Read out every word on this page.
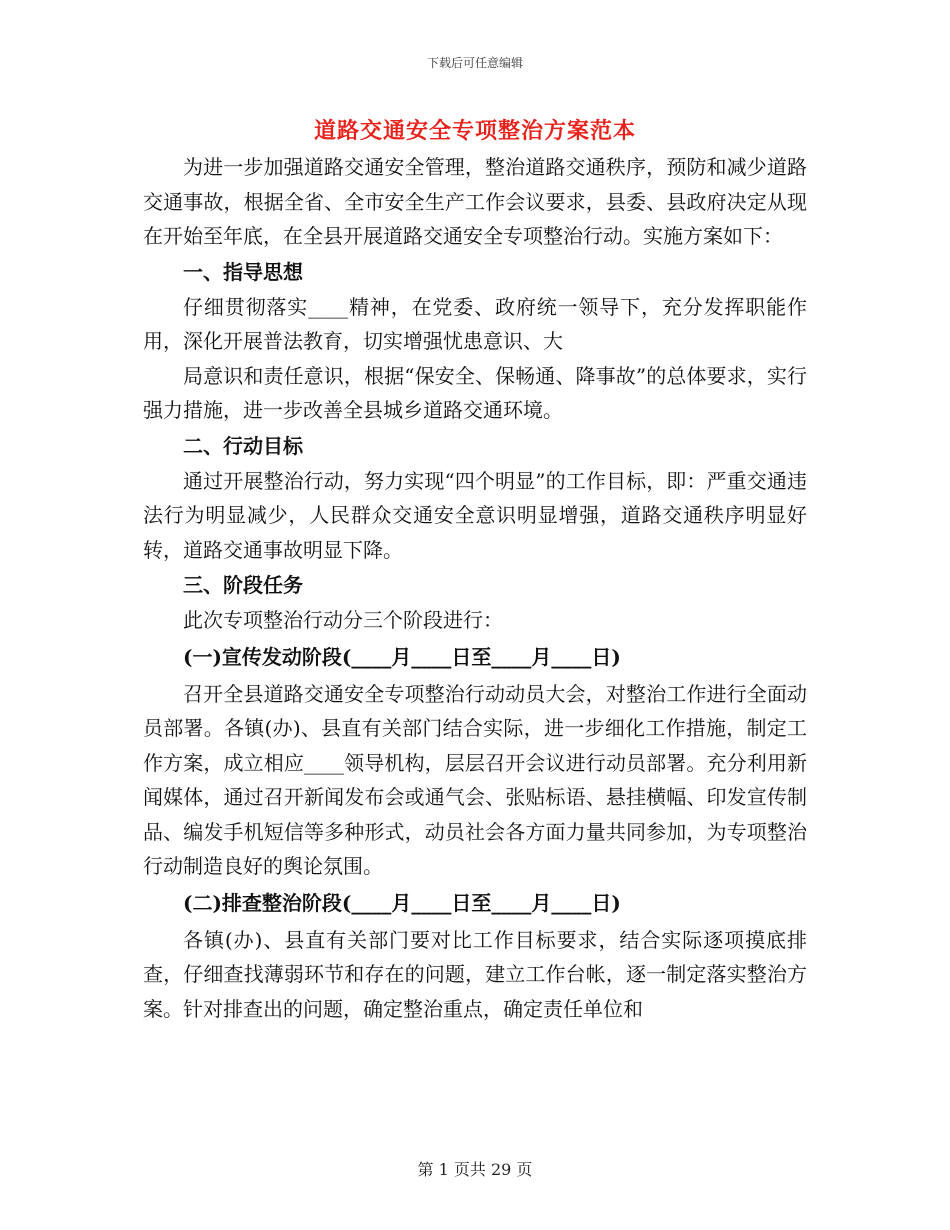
下载后可任意编辑
道路交通安全专项整治方案范本

为进一步加强道路交通安全管理，整治道路交通秩序，预防和减少道路交通事故，根据全省、全市安全生产工作会议要求，县委、县政府决定从现在开始至年底，在全县开展道路交通安全专项整治行动。实施方案如下：

一、指导思想

仔细贯彻落实____精神，在党委、政府统一领导下，充分发挥职能作用，深化开展普法教育，切实增强忧患意识、大

局意识和责任意识，根据“保安全、保畅通、降事故”的总体要求，实行强力措施，进一步改善全县城乡道路交通环境。

二、行动目标

通过开展整治行动，努力实现“四个明显”的工作目标，即：严重交通违法行为明显减少，人民群众交通安全意识明显增强，道路交通秩序明显好转，道路交通事故明显下降。

三、阶段任务

此次专项整治行动分三个阶段进行：

(一)宣传发动阶段(____月____日至____月____日)

召开全县道路交通安全专项整治行动动员大会，对整治工作进行全面动员部署。各镇(办)、县直有关部门结合实际，进一步细化工作措施，制定工作方案，成立相应____领导机构，层层召开会议进行动员部署。充分利用新闻媒体，通过召开新闻发布会或通气会、张贴标语、悬挂横幅、印发宣传制品、编发手机短信等多种形式，动员社会各方面力量共同参加，为专项整治行动制造良好的舆论氛围。

(二)排查整治阶段(____月____日至____月____日)

各镇(办)、县直有关部门要对比工作目标要求，结合实际逐项摸底排查，仔细查找薄弱环节和存在的问题，建立工作台帐，逐一制定落实整治方案。针对排查出的问题，确定整治重点，确定责任单位和

第 1 页共 29 页
